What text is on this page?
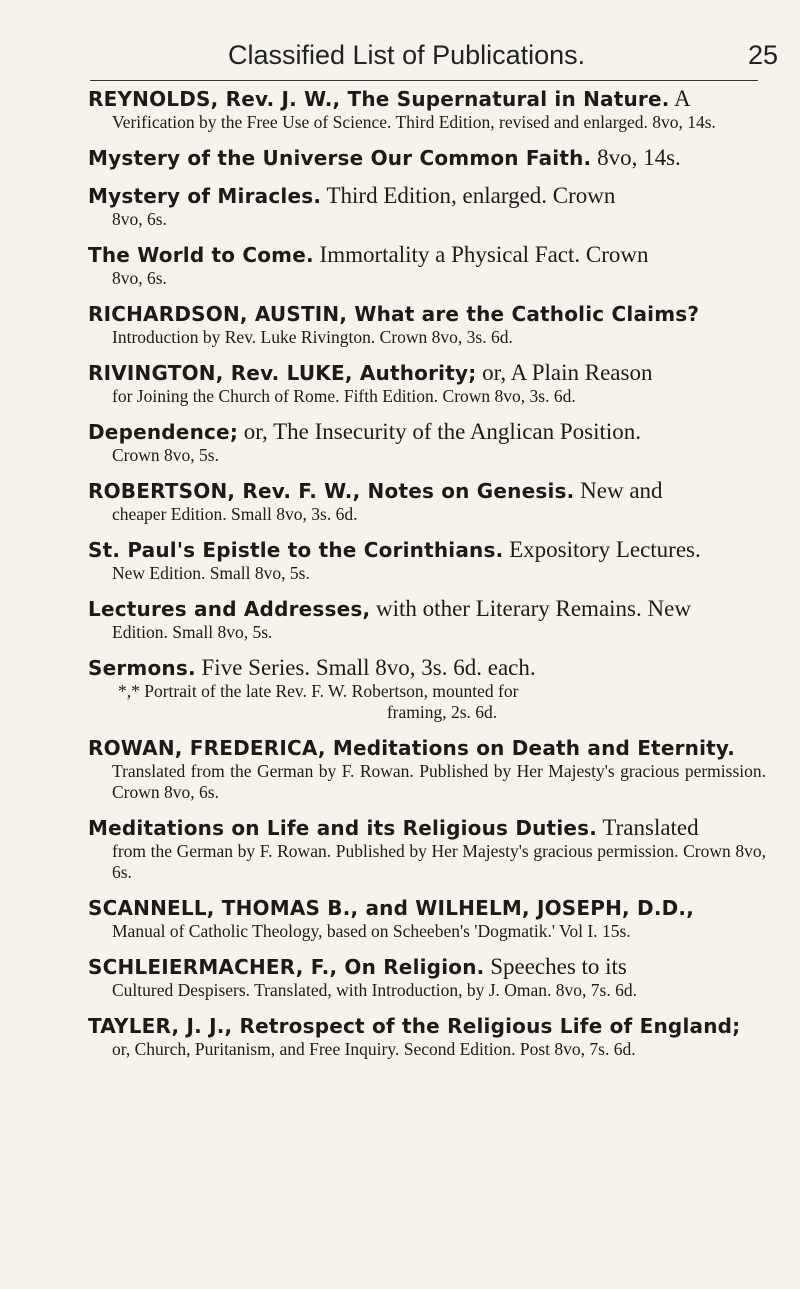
Classified List of Publications.	25
REYNOLDS, Rev. J. W., The Supernatural in Nature. A
Verification by the Free Use of Science. Third Edition, revised and enlarged. 8vo, 14s.
Mystery of the Universe Our Common Faith. 8vo, 14s.
Mystery of Miracles. Third Edition, enlarged. Crown
8vo, 6s.
The World to Come. Immortality a Physical Fact. Crown
8vo, 6s.
RICHARDSON, AUSTIN, What are the Catholic Claims?
Introduction by Rev. Luke Rivington. Crown 8vo, 3s. 6d.
RIVINGTON, Rev. LUKE, Authority; or, A Plain Reason
for Joining the Church of Rome. Fifth Edition. Crown 8vo, 3s. 6d.
Dependence; or, The Insecurity of the Anglican Position.
Crown 8vo, 5s.
ROBERTSON, Rev. F. W., Notes on Genesis. New and
cheaper Edition. Small 8vo, 3s. 6d.
St. Paul's Epistle to the Corinthians. Expository Lectures.
New Edition. Small 8vo, 5s.
Lectures and Addresses, with other Literary Remains. New
Edition. Small 8vo, 5s.
Sermons. Five Series. Small 8vo, 3s. 6d. each.
*,* Portrait of the late Rev. F. W. Robertson, mounted for
framing, 2s. 6d.
ROWAN, FREDERICA, Meditations on Death and Eternity.
Translated from the German by F. Rowan. Published by Her Majesty's gracious permission. Crown 8vo, 6s.
Meditations on Life and its Religious Duties. Translated
from the German by F. Rowan. Published by Her Majesty's gracious permission. Crown 8vo, 6s.
SCANNELL, THOMAS B., and WILHELM, JOSEPH, D.D.,
Manual of Catholic Theology, based on Scheeben's 'Dogmatik.' Vol I. 15s.
SCHLEIERMACHER, F., On Religion. Speeches to its
Cultured Despisers. Translated, with Introduction, by J. Oman. 8vo, 7s. 6d.
TAYLER, J. J., Retrospect of the Religious Life of England;
or, Church, Puritanism, and Free Inquiry. Second Edition. Post 8vo, 7s. 6d.
